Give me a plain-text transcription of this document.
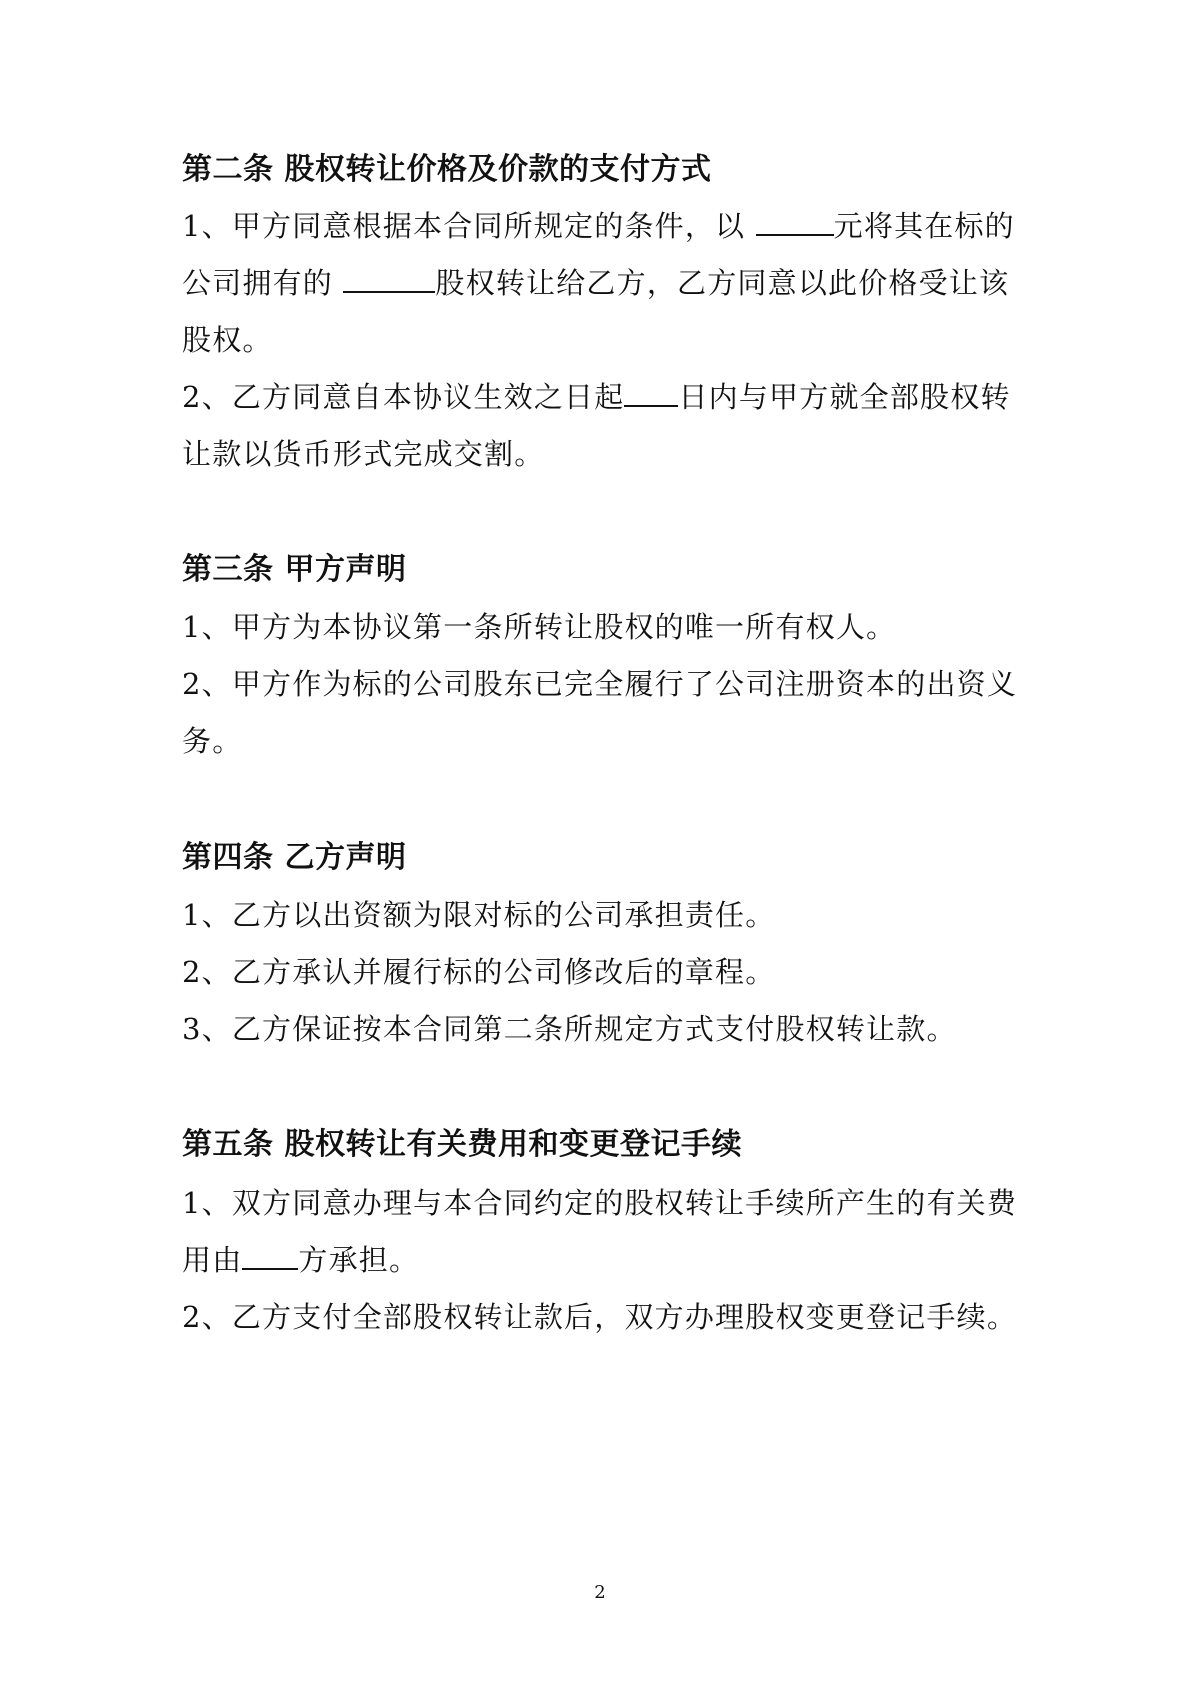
第二条 股权转让价格及价款的支付方式
1、甲方同意根据本合同所规定的条件，以	元将其在标的
公司拥有的	股权转让给乙方，乙方同意以此价格受让该
股权。
2、乙方同意自本协议生效之日起 日内与甲方就全部股权转
让款以货币形式完成交割。
第三条 甲方声明
1、甲方为本协议第一条所转让股权的唯一所有权人。
2、甲方作为标的公司股东已完全履行了公司注册资本的出资义
务。
第四条 乙方声明
1、乙方以出资额为限对标的公司承担责任。
2、乙方承认并履行标的公司修改后的章程。
3、乙方保证按本合同第二条所规定方式支付股权转让款。
第五条 股权转让有关费用和变更登记手续
1、双方同意办理与本合同约定的股权转让手续所产生的有关费
用由 方承担。
2、乙方支付全部股权转让款后，双方办理股权变更登记手续。
2
